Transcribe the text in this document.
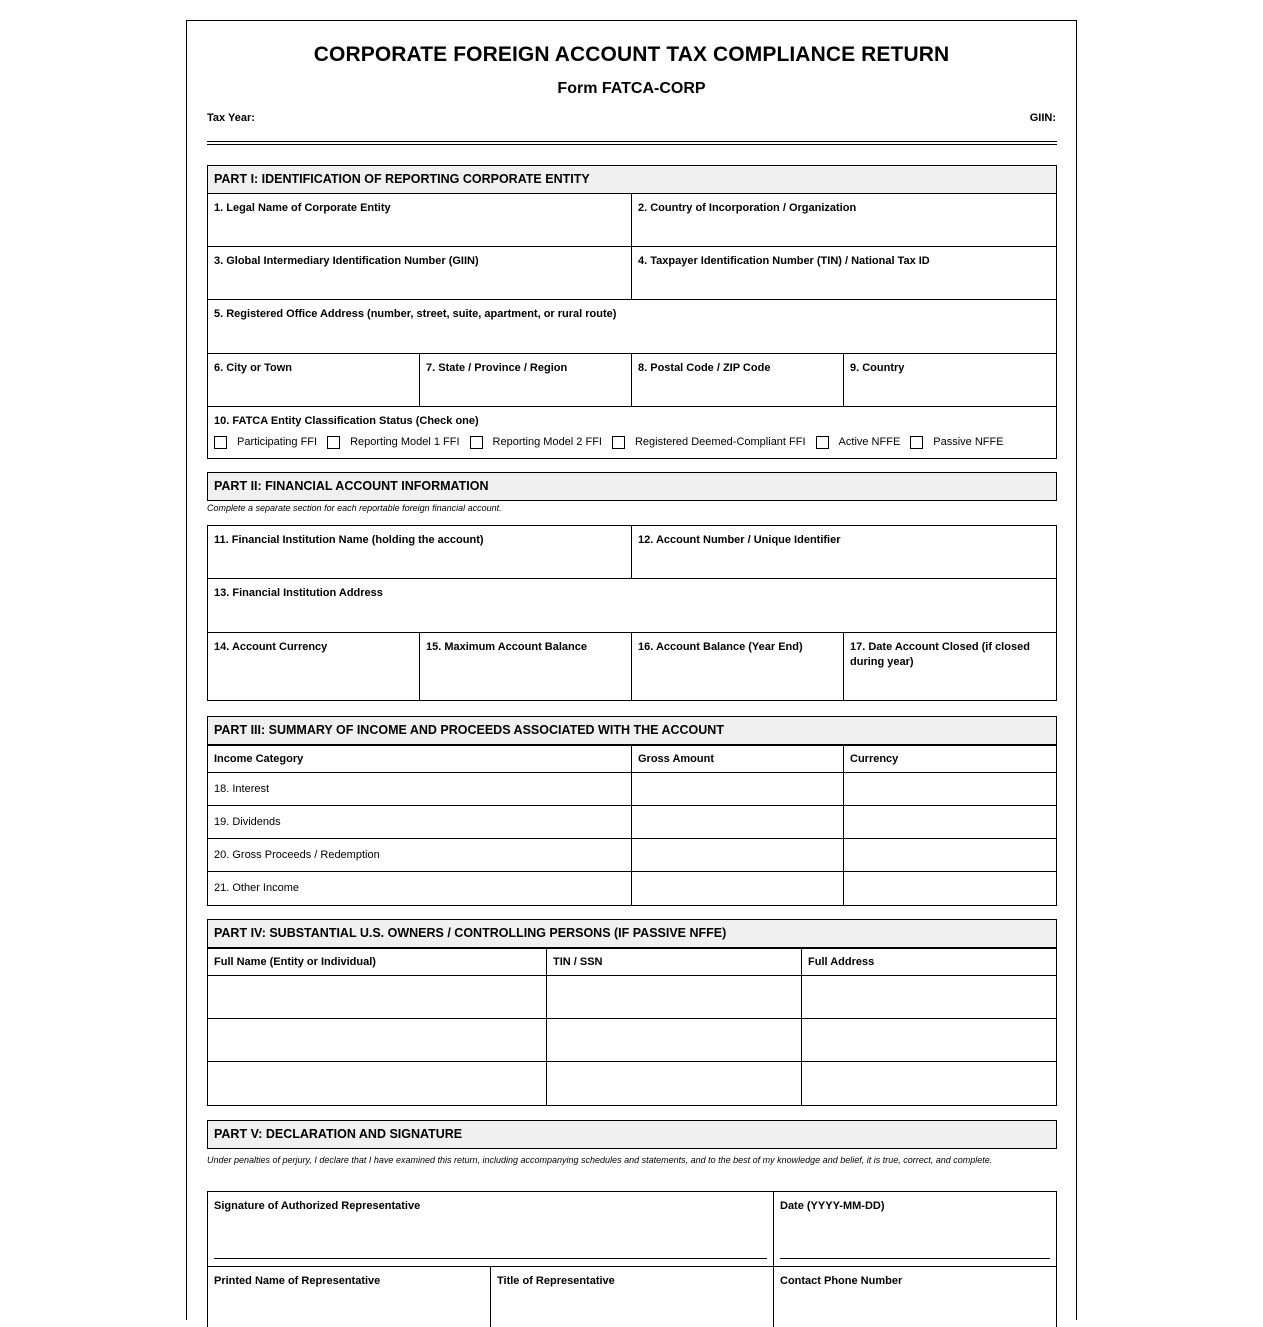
CORPORATE FOREIGN ACCOUNT TAX COMPLIANCE RETURN
Form FATCA-CORP
Tax Year:	GIIN:
PART I: IDENTIFICATION OF REPORTING CORPORATE ENTITY
1. Legal Name of Corporate Entity	2. Country of Incorporation / Organization
3. Global Intermediary Identification Number (GIIN)	4. Taxpayer Identification Number (TIN) / National Tax ID
5. Registered Office Address (number, street, suite, apartment, or rural route)
6. City or Town	7. State / Province / Region	8. Postal Code / ZIP Code	9. Country
10. FATCA Entity Classification Status (Check one)
Participating FFI	Reporting Model 1 FFI	Reporting Model 2 FFI	Registered Deemed-Compliant FFI	Active NFFE	Passive NFFE
PART II: FINANCIAL ACCOUNT INFORMATION
Complete a separate section for each reportable foreign financial account.
11. Financial Institution Name (holding the account)	12. Account Number / Unique Identifier
13. Financial Institution Address
14. Account Currency	15. Maximum Account Balance	16. Account Balance (Year End)	17. Date Account Closed (if closed during year)
PART III: SUMMARY OF INCOME AND PROCEEDS ASSOCIATED WITH THE ACCOUNT
Income Category	Gross Amount	Currency
18. Interest
19. Dividends
20. Gross Proceeds / Redemption
21. Other Income
PART IV: SUBSTANTIAL U.S. OWNERS / CONTROLLING PERSONS (IF PASSIVE NFFE)
Full Name (Entity or Individual)	TIN / SSN	Full Address
PART V: DECLARATION AND SIGNATURE
Under penalties of perjury, I declare that I have examined this return, including accompanying schedules and statements, and to the best of my knowledge and belief, it is true, correct, and complete.
Signature of Authorized Representative	Date (YYYY-MM-DD)
Printed Name of Representative	Title of Representative	Contact Phone Number
